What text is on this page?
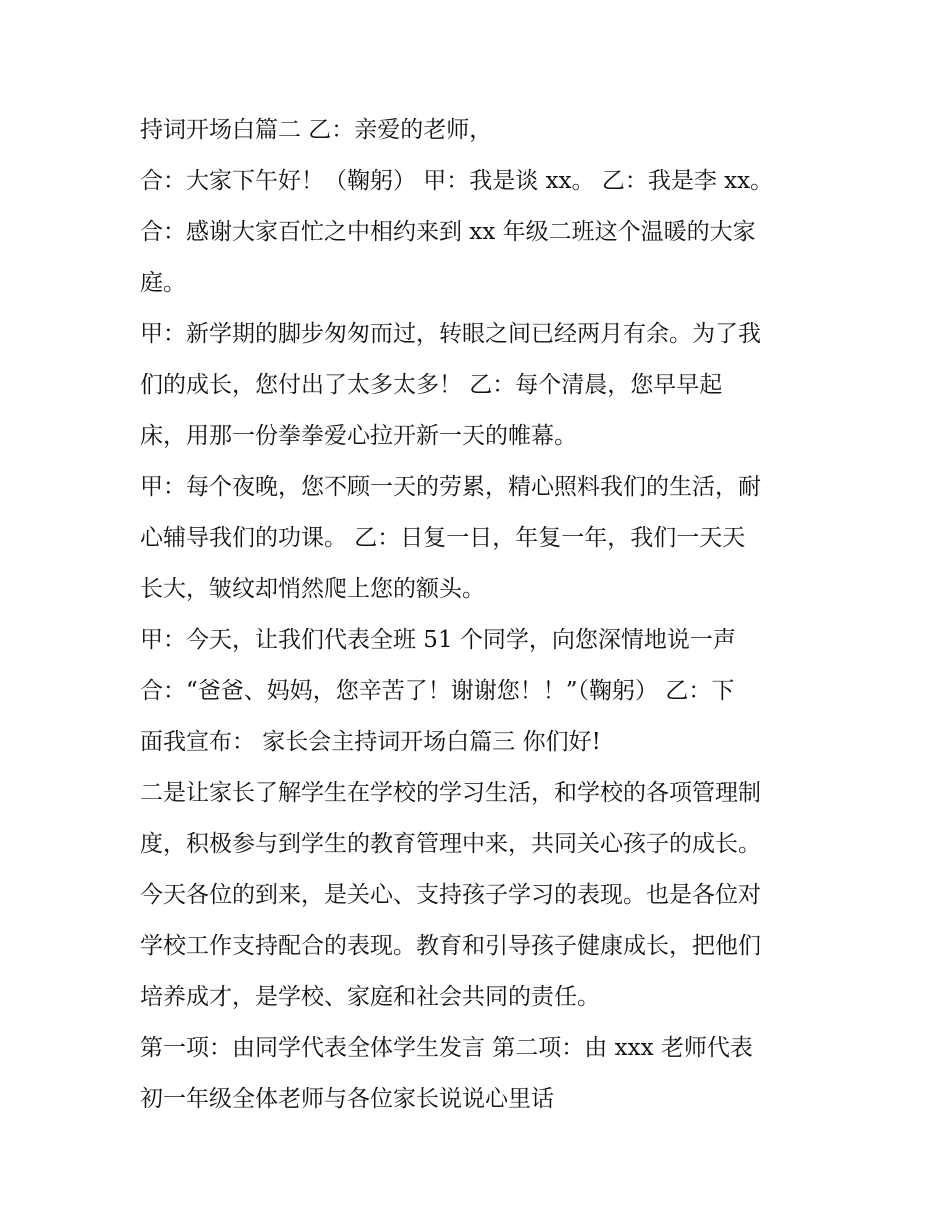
持词开场白篇二 乙：亲爱的老师，
合：大家下午好！（鞠躬） 甲：我是谈 xx。 乙：我是李 xx。
合：感谢大家百忙之中相约来到 xx 年级二班这个温暖的大家
庭。
甲：新学期的脚步匆匆而过，转眼之间已经两月有余。为了我
们的成长，您付出了太多太多！ 乙：每个清晨，您早早起
床，用那一份拳拳爱心拉开新一天的帷幕。
甲：每个夜晚，您不顾一天的劳累，精心照料我们的生活，耐
心辅导我们的功课。 乙：日复一日，年复一年，我们一天天
长大，皱纹却悄然爬上您的额头。
甲：今天，让我们代表全班 51 个同学，向您深情地说一声
合：“爸爸、妈妈，您辛苦了！谢谢您！！”（鞠躬） 乙：下
面我宣布： 家长会主持词开场白篇三 你们好!
二是让家长了解学生在学校的学习生活，和学校的各项管理制
度，积极参与到学生的教育管理中来，共同关心孩子的成长。
今天各位的到来，是关心、支持孩子学习的表现。也是各位对
学校工作支持配合的表现。教育和引导孩子健康成长，把他们
培养成才，是学校、家庭和社会共同的责任。
第一项：由同学代表全体学生发言 第二项：由 xxx 老师代表
初一年级全体老师与各位家长说说心里话
